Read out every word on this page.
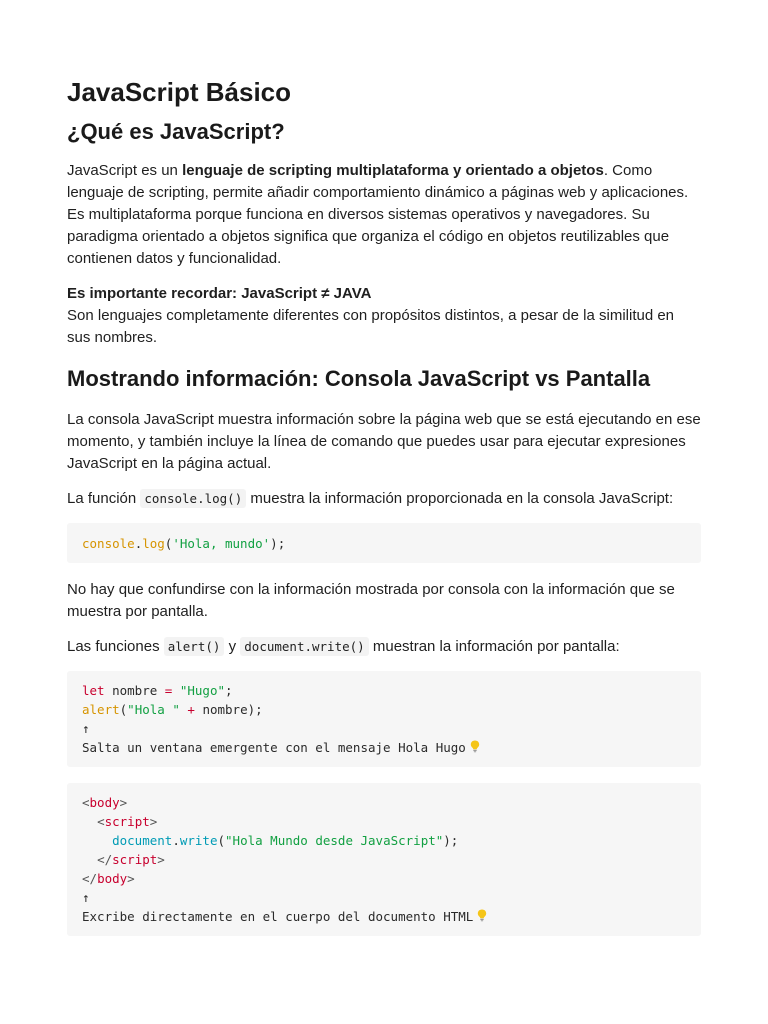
JavaScript Básico
¿Qué es JavaScript?

JavaScript es un lenguaje de scripting multiplataforma y orientado a objetos. Como lenguaje de scripting, permite añadir comportamiento dinámico a páginas web y aplicaciones. Es multiplataforma porque funciona en diversos sistemas operativos y navegadores. Su paradigma orientado a objetos significa que organiza el código en objetos reutilizables que contienen datos y funcionalidad.

Es importante recordar: JavaScript ≠ JAVA

Son lenguajes completamente diferentes con propósitos distintos, a pesar de la similitud en sus nombres.

Mostrando información: Consola JavaScript vs Pantalla

La consola JavaScript muestra información sobre la página web que se está ejecutando en ese momento, y también incluye la línea de comando que puedes usar para ejecutar expresiones JavaScript en la página actual.

La función console.log() muestra la información proporcionada en la consola JavaScript:

console.log('Hola, mundo');

No hay que confundirse con la información mostrada por consola con la información que se muestra por pantalla.

Las funciones alert() y document.write() muestran la información por pantalla:

let nombre = "Hugo";
alert("Hola " + nombre);
↑
Salta un ventana emergente con el mensaje Hola Hugo
<body>
<script>
document.write("Hola Mundo desde JavaScript");
</script>
</body>
↑
Excribe directamente en el cuerpo del documento HTML
